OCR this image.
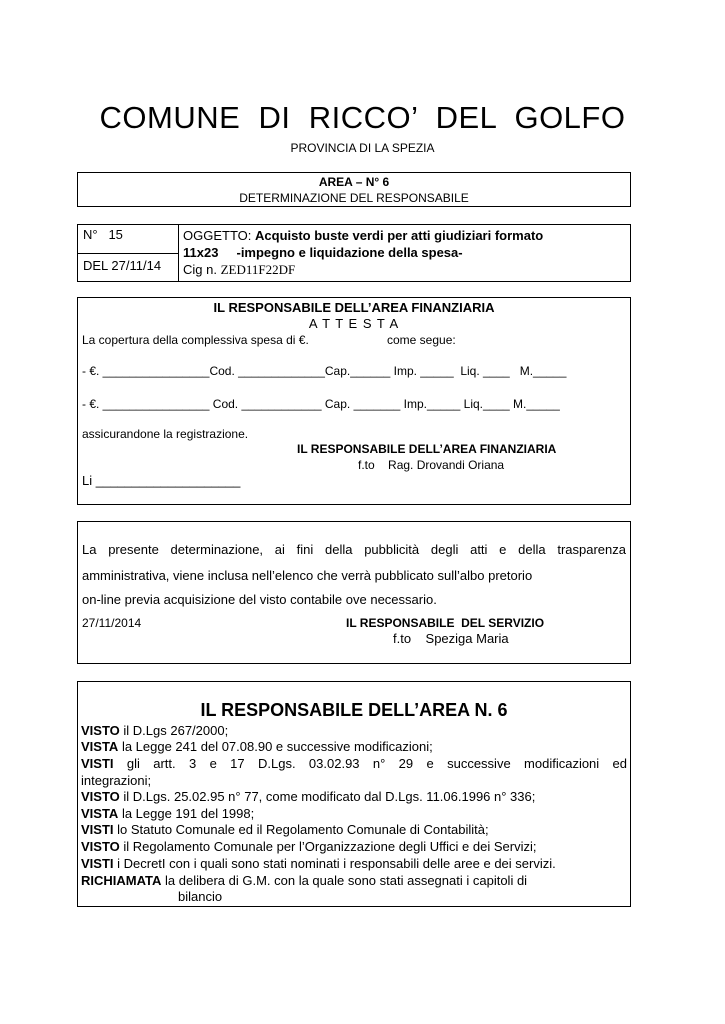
COMUNE  DI  RICCO’  DEL  GOLFO
PROVINCIA DI LA SPEZIA
AREA – N° 6
DETERMINAZIONE DEL RESPONSABILE
N° 15
DEL 27/11/14
OGGETTO: Acquisto buste verdi per atti giudiziari formato
11x23     -impegno e liquidazione della spesa-
Cig n. ZED11F22DF
IL RESPONSABILE DELL’AREA FINANZIARIA
A T T E S T A
La copertura della complessiva spesa di €.	come segue:
- €. ________________Cod. _____________Cap.______ Imp. _____  Liq. ____   M._____
- €. ________________ Cod. ____________ Cap. _______ Imp._____ Liq.____ M._____
assicurandone la registrazione.
IL RESPONSABILE DELL’AREA FINANZIARIA
f.to Rag. Drovandi Oriana
Li ____________________
La presente determinazione, ai fini della pubblicità degli atti e della trasparenza
amministrativa, viene inclusa nell’elenco che verrà pubblicato sull’albo pretorio
on-line previa acquisizione del visto contabile ove necessario.
27/11/2014	IL RESPONSABILE  DEL SERVIZIO
f.to Speziga Maria
IL RESPONSABILE DELL’AREA N. 6
VISTO il D.Lgs 267/2000;
VISTA la Legge 241 del 07.08.90 e successive modificazioni;
VISTI gli artt. 3 e 17 D.Lgs. 03.02.93 n° 29 e successive modificazioni ed
integrazioni;
VISTO il D.Lgs. 25.02.95 n° 77, come modificato dal D.Lgs. 11.06.1996 n° 336;
VISTA la Legge 191 del 1998;
VISTI lo Statuto Comunale ed il Regolamento Comunale di Contabilità;
VISTO il Regolamento Comunale per l’Organizzazione degli Uffici e dei Servizi;
VISTI i DecretI con i quali sono stati nominati i responsabili delle aree e dei servizi.
RICHIAMATA la delibera di G.M. con la quale sono stati assegnati i capitoli di
bilancio
